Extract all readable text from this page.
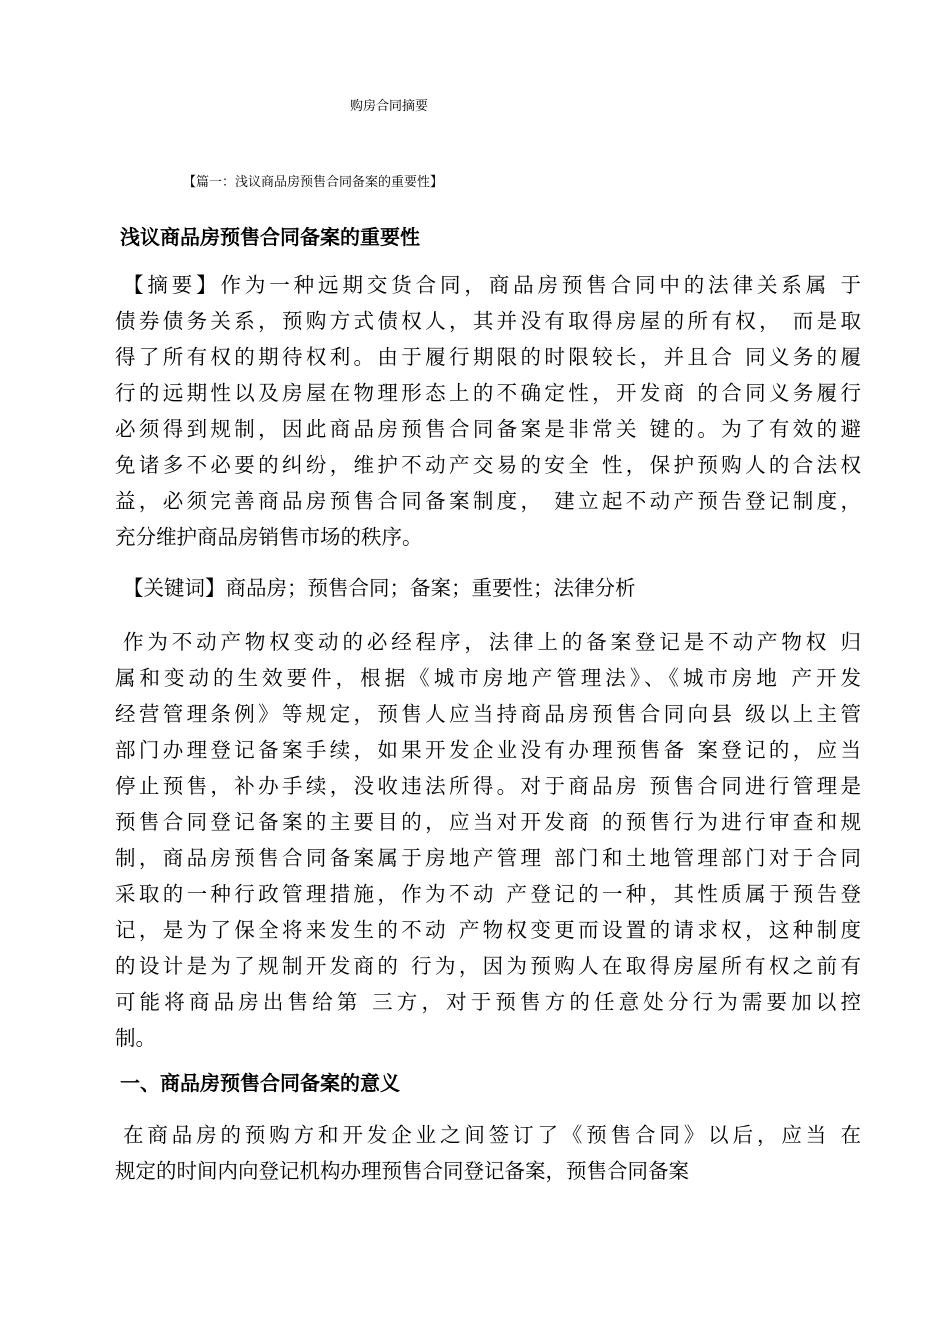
购房合同摘要
【篇一：浅议商品房预售合同备案的重要性】
浅议商品房预售合同备案的重要性
【摘要】作为一种远期交货合同，商品房预售合同中的法律关系属 于
债券债务关系，预购方式债权人，其并没有取得房屋的所有权， 而是取
得了所有权的期待权利。由于履行期限的时限较长，并且合 同义务的履
行的远期性以及房屋在物理形态上的不确定性，开发商 的合同义务履行
必须得到规制，因此商品房预售合同备案是非常关 键的。为了有效的避
免诸多不必要的纠纷，维护不动产交易的安全 性，保护预购人的合法权
益，必须完善商品房预售合同备案制度， 建立起不动产预告登记制度，
充分维护商品房销售市场的秩序。
【关键词】商品房；预售合同；备案；重要性；法律分析
作为不动产物权变动的必经程序，法律上的备案登记是不动产物权 归
属和变动的生效要件，根据《城市房地产管理法》、《城市房地 产开发
经营管理条例》等规定，预售人应当持商品房预售合同向县 级以上主管
部门办理登记备案手续，如果开发企业没有办理预售备 案登记的，应当
停止预售，补办手续，没收违法所得。对于商品房 预售合同进行管理是
预售合同登记备案的主要目的，应当对开发商 的预售行为进行审查和规
制，商品房预售合同备案属于房地产管理 部门和土地管理部门对于合同
采取的一种行政管理措施，作为不动 产登记的一种，其性质属于预告登
记，是为了保全将来发生的不动 产物权变更而设置的请求权，这种制度
的设计是为了规制开发商的 行为，因为预购人在取得房屋所有权之前有
可能将商品房出售给第 三方，对于预售方的任意处分行为需要加以控
制。
一、商品房预售合同备案的意义
在商品房的预购方和开发企业之间签订了《预售合同》以后，应当 在
规定的时间内向登记机构办理预售合同登记备案，预售合同备案
